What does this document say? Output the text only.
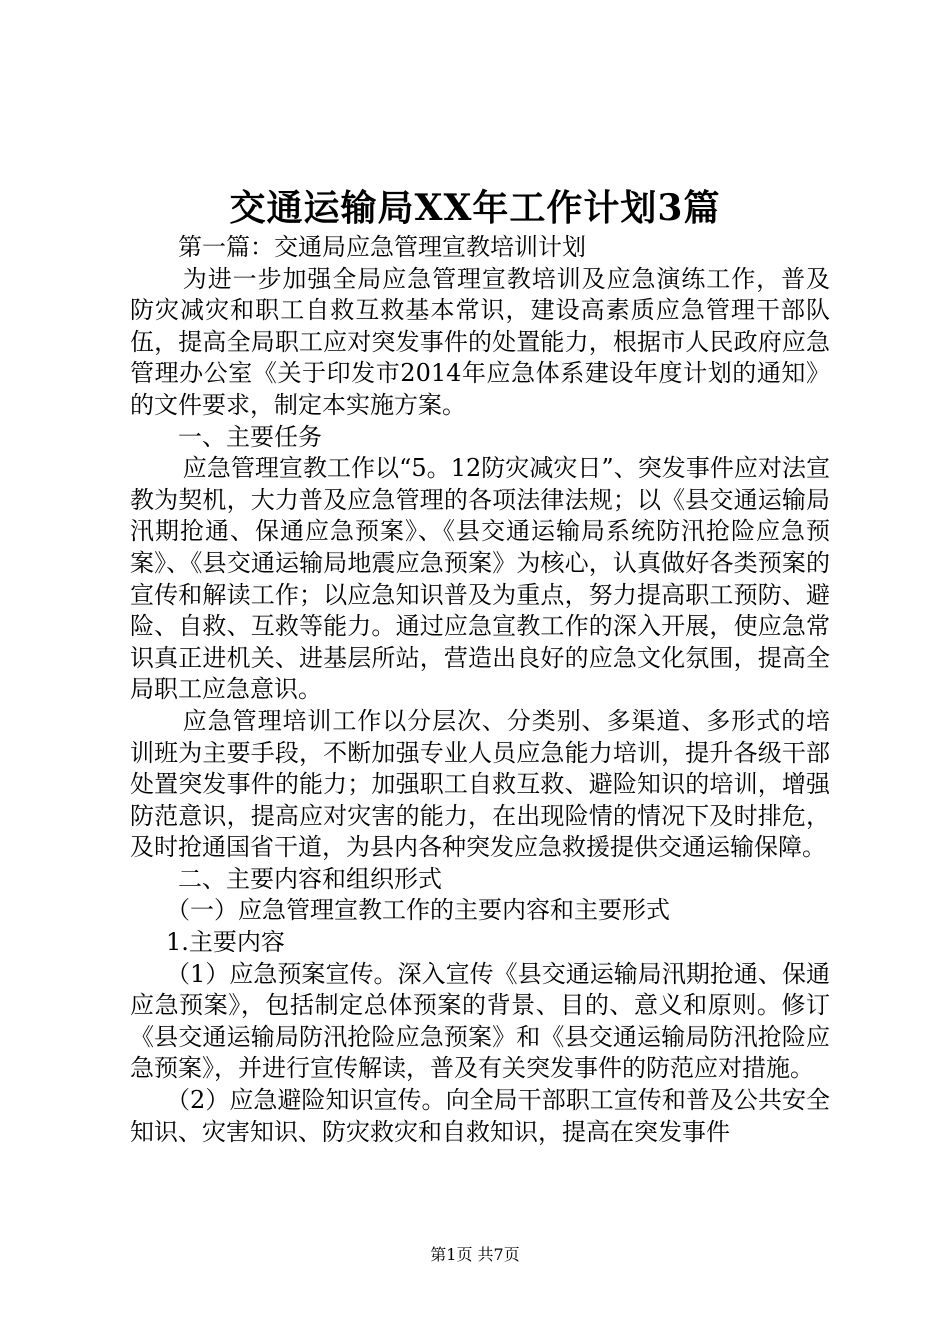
交通运输局XX年工作计划3篇

第一篇：交通局应急管理宣教培训计划

为进一步加强全局应急管理宣教培训及应急演练工作，普及防灾减灾和职工自救互救基本常识，建设高素质应急管理干部队伍，提高全局职工应对突发事件的处置能力，根据市人民政府应急管理办公室《关于印发市2014年应急体系建设年度计划的通知》的文件要求，制定本实施方案。

一、主要任务

应急管理宣教工作以“5。12防灾减灾日”、突发事件应对法宣教为契机，大力普及应急管理的各项法律法规；以《县交通运输局汛期抢通、保通应急预案》、《县交通运输局系统防汛抢险应急预案》、《县交通运输局地震应急预案》为核心，认真做好各类预案的宣传和解读工作；以应急知识普及为重点，努力提高职工预防、避险、自救、互救等能力。通过应急宣教工作的深入开展，使应急常识真正进机关、进基层所站，营造出良好的应急文化氛围，提高全局职工应急意识。

应急管理培训工作以分层次、分类别、多渠道、多形式的培训班为主要手段，不断加强专业人员应急能力培训，提升各级干部处置突发事件的能力；加强职工自救互救、避险知识的培训，增强防范意识，提高应对灾害的能力，在出现险情的情况下及时排危，及时抢通国省干道，为县内各种突发应急救援提供交通运输保障。

二、主要内容和组织形式

（一）应急管理宣教工作的主要内容和主要形式

1.主要内容

（1）应急预案宣传。深入宣传《县交通运输局汛期抢通、保通应急预案》，包括制定总体预案的背景、目的、意义和原则。修订《县交通运输局防汛抢险应急预案》和《县交通运输局防汛抢险应急预案》，并进行宣传解读，普及有关突发事件的防范应对措施。

（2）应急避险知识宣传。向全局干部职工宣传和普及公共安全知识、灾害知识、防灾救灾和自救知识，提高在突发事件

第1页 共7页
